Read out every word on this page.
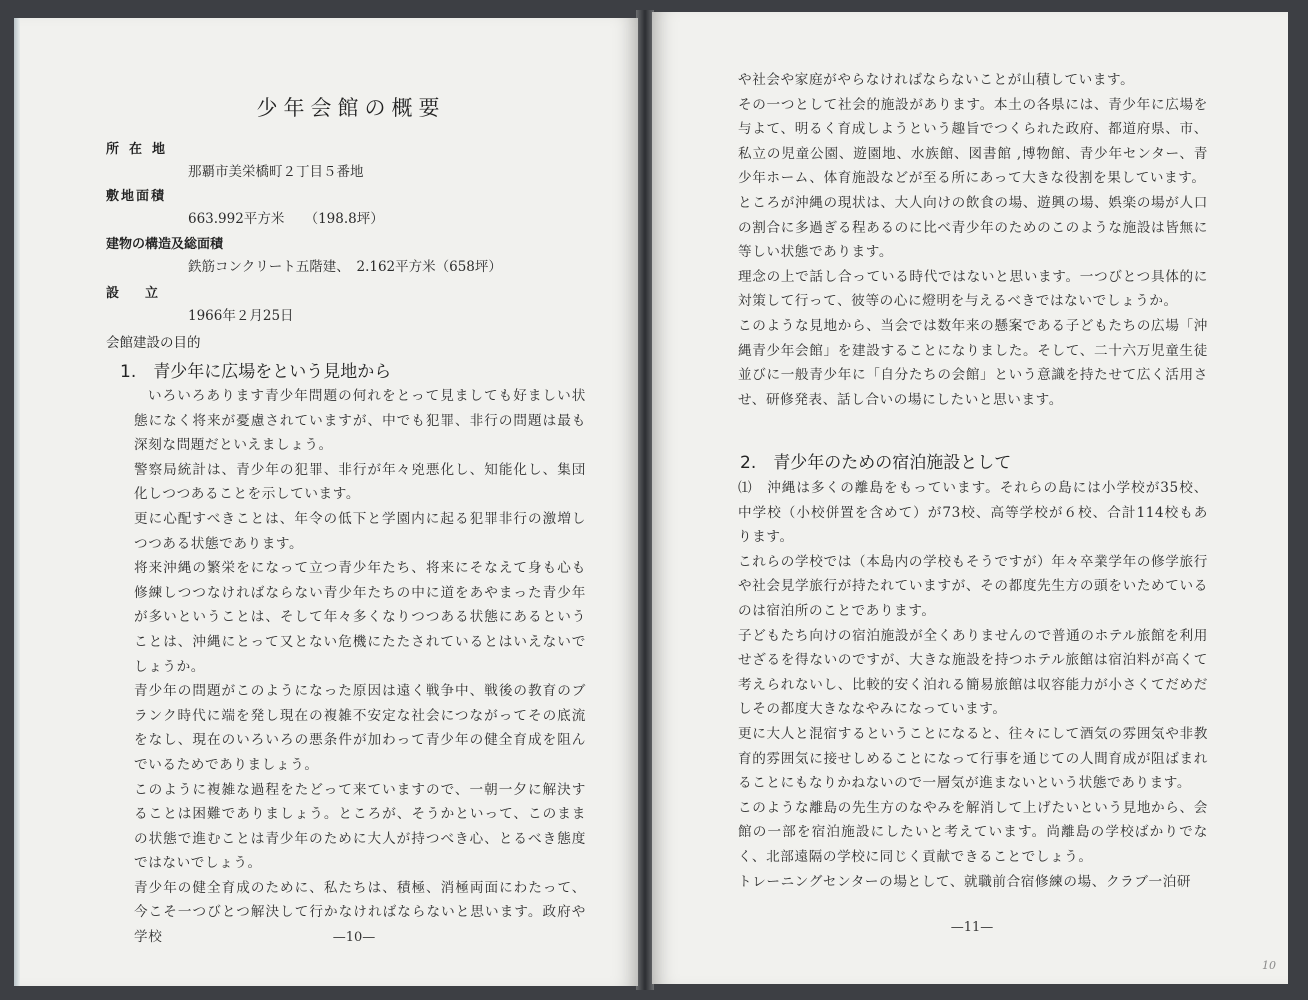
少年会館の概要
所在地
那覇市美栄橋町２丁目５番地
敷地面積
663.992平方米　　（198.8坪）
建物の構造及総面積
鉄筋コンクリート五階建、　2.162平方米（658坪）
設　　立
1966年２月25日
会館建設の目的
1.　青少年に広場をという見地から

いろいろあります青少年問題の何れをとって見ましても好ましい状態になく将来が憂慮されていますが、中でも犯罪、非行の問題は最も深刻な問題だといえましょう。

警察局統計は、青少年の犯罪、非行が年々兇悪化し、知能化し、集団化しつつあることを示しています。

更に心配すべきことは、年令の低下と学園内に起る犯罪非行の激増しつつある状態であります。

将来沖縄の繁栄をになって立つ青少年たち、将来にそなえて身も心も修練しつつなければならない青少年たちの中に道をあやまった青少年が多いということは、そして年々多くなりつつある状態にあるということは、沖縄にとって又とない危機にたたされているとはいえないでしょうか。

青少年の問題がこのようになった原因は遠く戦争中、戦後の教育のブランク時代に端を発し現在の複雑不安定な社会につながってその底流をなし、現在のいろいろの悪条件が加わって青少年の健全育成を阻んでいるためでありましょう。

このように複雑な過程をたどって来ていますので、一朝一夕に解決することは困難でありましょう。ところが、そうかといって、このままの状態で進むことは青少年のために大人が持つべき心、とるべき態度ではないでしょう。

青少年の健全育成のために、私たちは、積極、消極両面にわたって、今こそ一つびとつ解決して行かなければならないと思います。政府や学校	—10—

や社会や家庭がやらなければならないことが山積しています。

その一つとして社会的施設があります。本土の各県には、青少年に広場を与よて、明るく育成しようという趣旨でつくられた政府、都道府県、市、私立の児童公園、遊園地、水族館、図書館 ,博物館、青少年センター、青少年ホーム、体育施設などが至る所にあって大きな役割を果しています。

ところが沖縄の現状は、大人向けの飲食の場、遊興の場、娯楽の場が人口の割合に多過ぎる程あるのに比べ青少年のためのこのような施設は皆無に等しい状態であります。

理念の上で話し合っている時代ではないと思います。一つびとつ具体的に対策して行って、彼等の心に燈明を与えるべきではないでしょうか。

このような見地から、当会では数年来の懸案である子どもたちの広場「沖縄青少年会館」を建設することになりました。そして、二十六万児童生徒並びに一般青少年に「自分たちの会館」という意識を持たせて広く活用させ、研修発表、話し合いの場にしたいと思います。

2.　青少年のための宿泊施設として

⑴　沖縄は多くの離島をもっています。それらの島には小学校が35校、中学校（小校併置を含めて）が73校、高等学校が６校、合計114校もあります。

これらの学校では（本島内の学校もそうですが）年々卒業学年の修学旅行や社会見学旅行が持たれていますが、その都度先生方の頭をいためているのは宿泊所のことであります。

子どもたち向けの宿泊施設が全くありませんので普通のホテル旅館を利用せざるを得ないのですが、大きな施設を持つホテル旅館は宿泊料が高くて考えられないし、比較的安く泊れる簡易旅館は収容能力が小さくてだめだしその都度大きななやみになっています。

更に大人と混宿するということになると、往々にして酒気の雰囲気や非教育的雰囲気に接せしめることになって行事を通じての人間育成が阻ばまれることにもなりかねないので一層気が進まないという状態であります。

このような離島の先生方のなやみを解消して上げたいという見地から、会館の一部を宿泊施設にしたいと考えています。尚離島の学校ばかりでなく、北部遠隔の学校に同じく貢献できることでしょう。

トレーニングセンターの場として、就職前合宿修練の場、クラブ一泊研

—11—
10
